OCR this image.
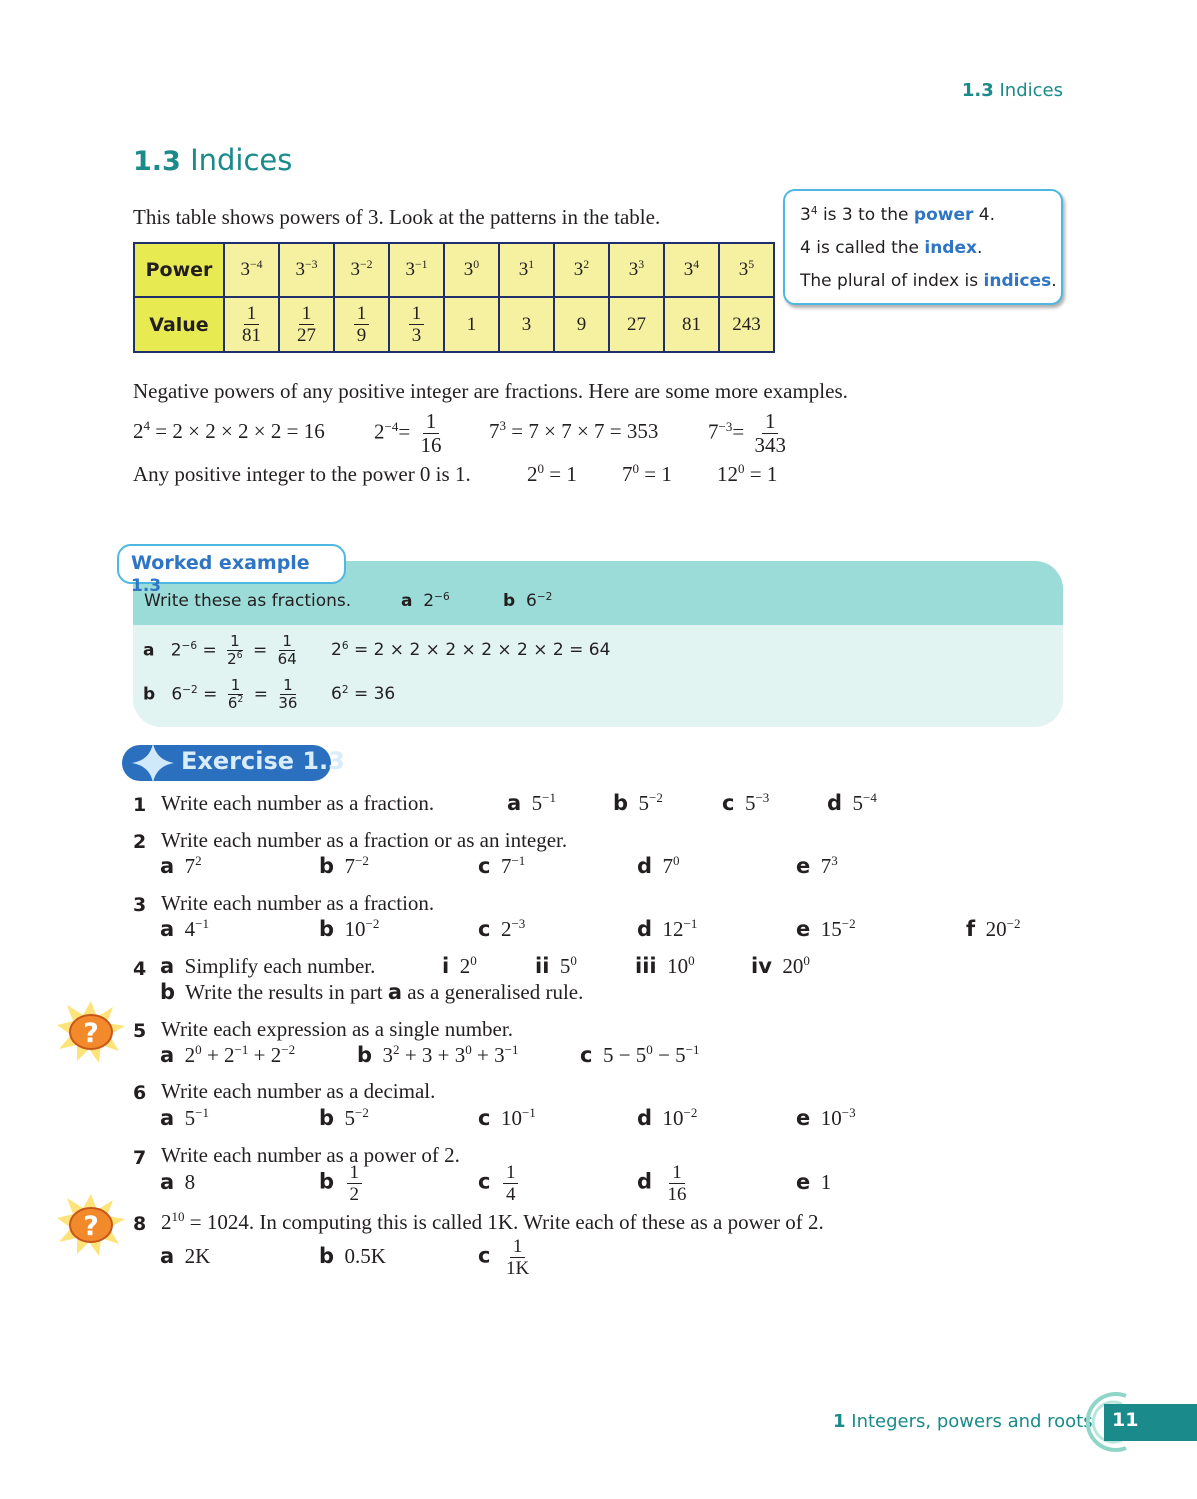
1.3 Indices
1.3 Indices
This table shows powers of 3. Look at the patterns in the table.
Power	$3^{-4}$	$3^{-3}$	$3^{-2}$	$3^{-1}$	$3^0$	$3^1$	$3^2$	$3^3$	$3^4$	$3^5$
Value	$\frac{1}{81}$	$\frac{1}{27}$	$\frac{1}{9}$	$\frac{1}{3}$	1	3	9	27	81	243
$3^4$ is 3 to the power 4.
4 is called the index.
The plural of index is indices.
Negative powers of any positive integer are fractions. Here are some more examples.
$2^4 = 2 \times 2 \times 2 \times 2 = 16$ $2^{-4}= \frac{1}{16} 7^3 = 7 \times 7 \times 7 = 353$ $7^{-3}= \frac{1}{343}$
Any positive integer to the power 0 is 1.	$2^0 = 1$ $7^0 = 1$ $12^0 = 1$
Worked example 1.3
Write these as fractions.	a $2^{-6}$	b $6^{-2}$
a $2^{-6} = \frac{1}{2^6} = \frac{1}{64} 2^6 = 2 \times 2 \times 2 \times 2 \times 2 \times 2 = 64$
b $6^{-2} = \frac{1}{6^2} = \frac{1}{36} 6^2 = 36$
Exercise 1.3
1 Write each number as a fraction.	a $5^{-1}$	b $5^{-2}$	c $5^{-3}$	d $5^{-4}$
2 Write each number as a fraction or as an integer.
a $7^2$	b $7^{-2}$	c $7^{-1}$	d $7^0$	e $7^3$
3 Write each number as a fraction.
a $4^{-1}$	b $10^{-2}$	c $2^{-3}$	d $12^{-1}$	e $15^{-2}$	f $20^{-2}$
4 a Simplify each number.	i $2^0$	ii $5^0$	iii $10^0$	iv $20^0$
b Write the results in part a as a generalised rule.
?
?
5 Write each expression as a single number.
a  $2^0 + 2^{-1} + 2^{-2}$	b  $3^2 + 3 + 3^0 + 3^{-1}$	c  $5 - 5^0 - 5^{-1}$
6 Write each number as a decimal.
a $5^{-1}$	b $5^{-2}$	c $10^{-1}$	d $10^{-2}$	e $10^{-3}$
7 Write each number as a power of 2.
a 8	b $\frac{1}{2}$	c $\frac{1}{4}$	d $\frac{1}{16}$	e 1
8 $2^{10} = 1024$. In computing this is called 1K. Write each of these as a power of 2.
a 2K	b 0.5K	c $\frac{1}{1K}$
1 Integers, powers and roots 11
